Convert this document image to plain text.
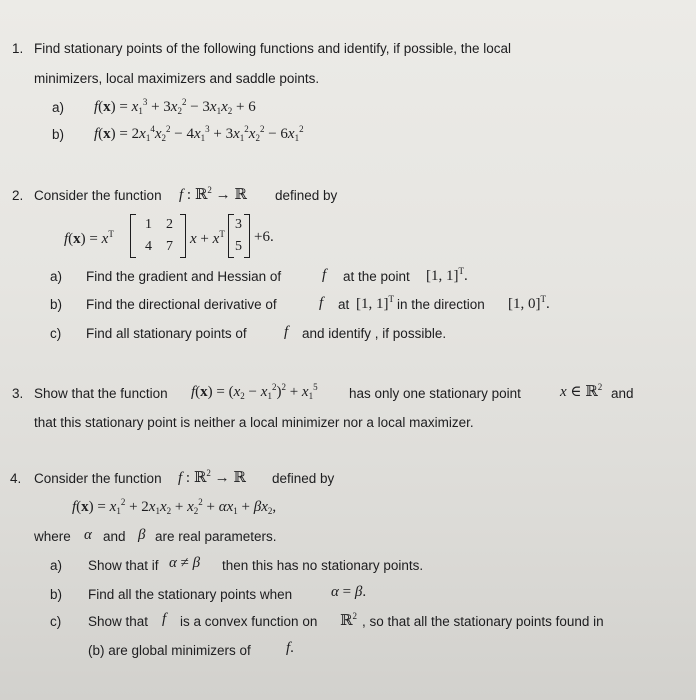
1. Find stationary points of the following functions and identify, if possible, the local
minimizers, local maximizers and saddle points.
a) $f(x) = x_1^3 + 3x_2^2 - 3x_1x_2 + 6$
b) $f(x) = 2x_1^4x_2^2 - 4x_1^3 + 3x_1^2x_2^2 - 6x_1^2$
2. Consider the function f : ℝ$^2$ → ℝ defined by
$f(x) = x^T$
1 2
4 7 $x + x^T$
3
5
+6.
a) Find the gradient and Hessian of	f at the point [1, 1]$^T$.
b) Find the directional derivative of	f at [1, 1]$^T$ in the direction [1, 0]$^T$.
c) Find all stationary points of f and identify , if possible.
3. Show that the function $f(x) = (x_2 - x_1^2)^2 + x_1^5$ has only one stationary point	x ∈ ℝ$^2$ and
that this stationary point is neither a local minimizer nor a local maximizer.
4. Consider the function f : ℝ$^2$ → ℝ defined by
$f(x) = x_1^2 + 2x_1x_2 + x_2^2 + \alpha x_1 + \beta x_2$,
where α and β are real parameters.
a) Show that if α ≠ β then this has no stationary points.
b) Find all the stationary points when	α = β.
c) Show that f is a convex function on ℝ$^2$ , so that all the stationary points found in
(b) are global minimizers of f.
